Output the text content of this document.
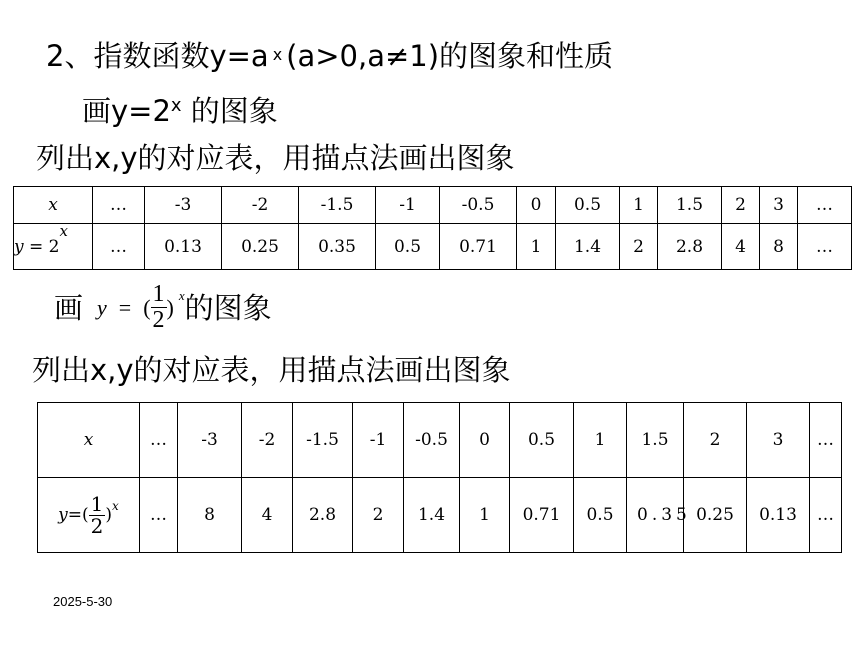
2、指数函数y=a $^x$ (a>0,a≠1)的图象和性质
画$y=2^x$ 的图象
列出x,y的对应表，用描点法画出图象
x	…	-3	-2	-1.5	-1	-0.5	0	0.5	1	1.5	2	3	…
$y = 2^x$	…	0.13	0.25	0.35	0.5	0.71	1	1.4	2	2.8	4	8	…
画 y = ( $\frac{1}{2}$ ) $^x$ 的图象
列出x,y的对应表，用描点法画出图象
x	…	-3	-2	-1.5	-1	-0.5	0	0.5	1	1.5	2	3	…
$y=( \frac{1}{2} )^x$	…	8	4	2.8	2	1.4	1	0.71	0.5	0.35	0.25	0.13	…
2025-5-30
